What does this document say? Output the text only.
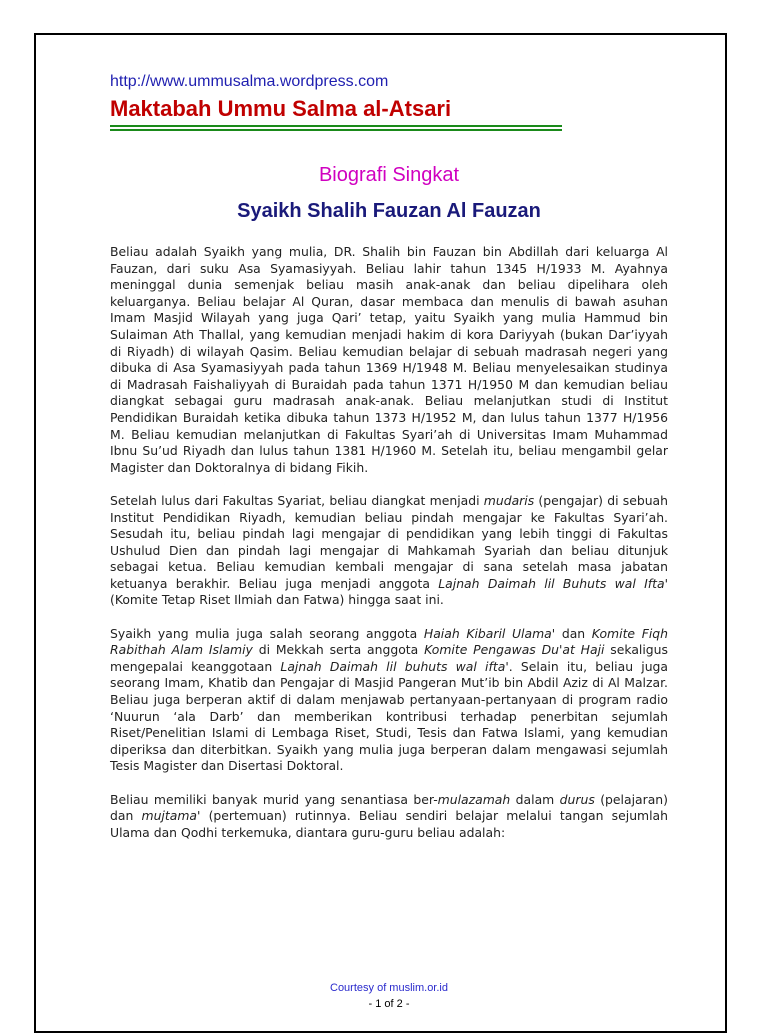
http://www.ummusalma.wordpress.com
Maktabah Ummu Salma al-Atsari
Biografi Singkat
Syaikh Shalih Fauzan Al Fauzan

Beliau adalah Syaikh yang mulia, DR. Shalih bin Fauzan bin Abdillah dari keluarga Al Fauzan, dari suku Asa Syamasiyyah. Beliau lahir tahun 1345 H/1933 M. Ayahnya meninggal dunia semenjak beliau masih anak-anak dan beliau dipelihara oleh keluarganya. Beliau belajar Al Quran, dasar membaca dan menulis di bawah asuhan Imam Masjid Wilayah yang juga Qari’ tetap, yaitu Syaikh yang mulia Hammud bin Sulaiman Ath Thallal, yang kemudian menjadi hakim di kora Dariyyah (bukan Dar’iyyah di Riyadh) di wilayah Qasim. Beliau kemudian belajar di sebuah madrasah negeri yang dibuka di Asa Syamasiyyah pada tahun 1369 H/1948 M. Beliau menyelesaikan studinya di Madrasah Faishaliyyah di Buraidah pada tahun 1371 H/1950 M dan kemudian beliau diangkat sebagai guru madrasah anak-anak. Beliau melanjutkan studi di Institut Pendidikan Buraidah ketika dibuka tahun 1373 H/1952 M, dan lulus tahun 1377 H/1956 M. Beliau kemudian melanjutkan di Fakultas Syari’ah di Universitas Imam Muhammad Ibnu Su’ud Riyadh dan lulus tahun 1381 H/1960 M. Setelah itu, beliau mengambil gelar Magister dan Doktoralnya di bidang Fikih.

Setelah lulus dari Fakultas Syariat, beliau diangkat menjadi mudaris (pengajar) di sebuah Institut Pendidikan Riyadh, kemudian beliau pindah mengajar ke Fakultas Syari’ah. Sesudah itu, beliau pindah lagi mengajar di pendidikan yang lebih tinggi di Fakultas Ushulud Dien dan pindah lagi mengajar di Mahkamah Syariah dan beliau ditunjuk sebagai ketua. Beliau kemudian kembali mengajar di sana setelah masa jabatan ketuanya berakhir. Beliau juga menjadi anggota Lajnah Daimah lil Buhuts wal Ifta' (Komite Tetap Riset Ilmiah dan Fatwa) hingga saat ini.

Syaikh yang mulia juga salah seorang anggota Haiah Kibaril Ulama' dan Komite Fiqh Rabithah Alam Islamiy di Mekkah serta anggota Komite Pengawas Du'at Haji sekaligus mengepalai keanggotaan Lajnah Daimah lil buhuts wal ifta'. Selain itu, beliau juga seorang Imam, Khatib dan Pengajar di Masjid Pangeran Mut’ib bin Abdil Aziz di Al Malzar. Beliau juga berperan aktif di dalam menjawab pertanyaan-pertanyaan di program radio ‘Nuurun ‘ala Darb’ dan memberikan kontribusi terhadap penerbitan sejumlah Riset/Penelitian Islami di Lembaga Riset, Studi, Tesis dan Fatwa Islami, yang kemudian diperiksa dan diterbitkan. Syaikh yang mulia juga berperan dalam mengawasi sejumlah Tesis Magister dan Disertasi Doktoral.

Beliau memiliki banyak murid yang senantiasa ber-mulazamah dalam durus (pelajaran) dan mujtama' (pertemuan) rutinnya. Beliau sendiri belajar melalui tangan sejumlah Ulama dan Qodhi terkemuka, diantara guru-guru beliau adalah:

Courtesy of muslim.or.id
- 1 of 2 -
